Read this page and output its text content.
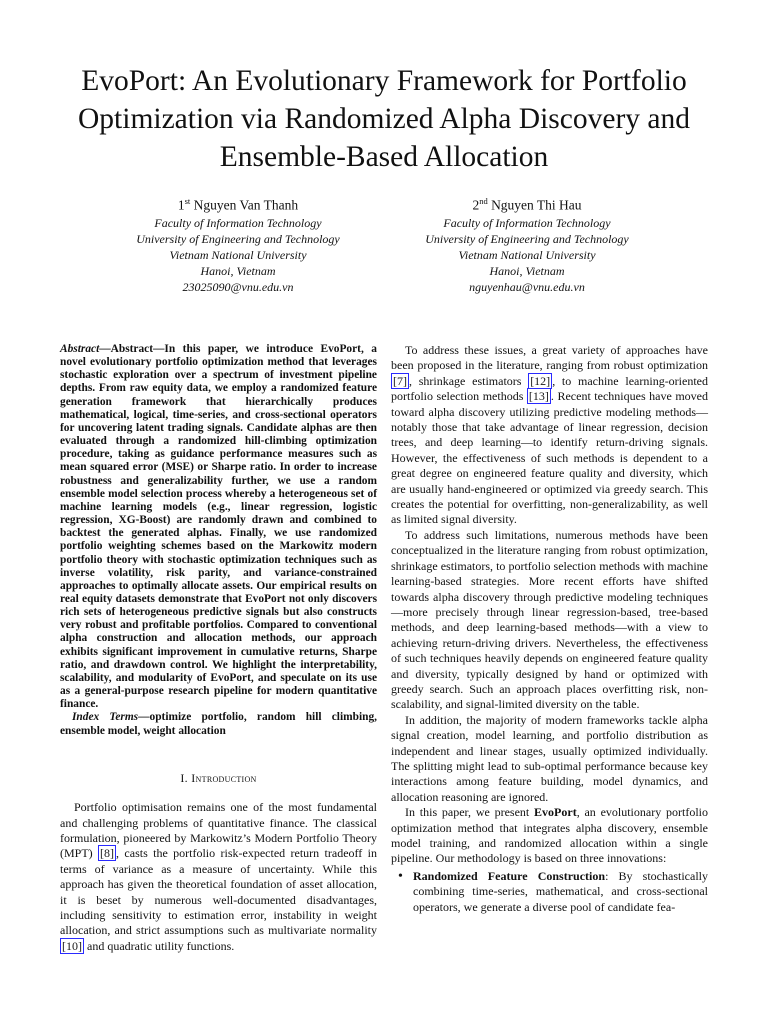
EvoPort: An Evolutionary Framework for Portfolio
Optimization via Randomized Alpha Discovery and
Ensemble-Based Allocation
1st Nguyen Van Thanh
Faculty of Information Technology
University of Engineering and Technology
Vietnam National University
Hanoi, Vietnam
23025090@vnu.edu.vn
2nd Nguyen Thi Hau
Faculty of Information Technology
University of Engineering and Technology
Vietnam National University
Hanoi, Vietnam
nguyenhau@vnu.edu.vn

Abstract—Abstract—In this paper, we introduce EvoPort, a novel evolutionary portfolio optimization method that leverages stochastic exploration over a spectrum of investment pipeline depths. From raw equity data, we employ a randomized feature generation framework that hierarchically produces mathematical, logical, time-series, and cross-sectional operators for uncovering latent trading signals. Candidate alphas are then evaluated through a randomized hill-climbing optimization procedure, taking as guidance performance measures such as mean squared error (MSE) or Sharpe ratio. In order to increase robustness and generalizability further, we use a random ensemble model selection process whereby a heterogeneous set of machine learning models (e.g., linear regression, logistic regression, XG-Boost) are randomly drawn and combined to backtest the generated alphas. Finally, we use randomized portfolio weighting schemes based on the Markowitz modern portfolio theory with stochastic optimization techniques such as inverse volatility, risk parity, and variance-constrained approaches to optimally allocate assets. Our empirical results on real equity datasets demonstrate that EvoPort not only discovers rich sets of heterogeneous predictive signals but also constructs very robust and profitable portfolios. Compared to conventional alpha construction and allocation methods, our approach exhibits significant improvement in cumulative returns, Sharpe ratio, and drawdown control. We highlight the interpretability, scalability, and modularity of EvoPort, and speculate on its use as a general-purpose research pipeline for modern quantitative finance.

Index Terms—optimize portfolio, random hill climbing, ensemble model, weight allocation

I. Introduction

Portfolio optimisation remains one of the most fundamental and challenging problems of quantitative finance. The classical formulation, pioneered by Markowitz’s Modern Portfolio Theory (MPT) [8] , casts the portfolio risk-expected return tradeoff in terms of variance as a measure of uncertainty. While this approach has given the theoretical foundation of asset allocation, it is beset by numerous well-documented disadvantages, including sensitivity to estimation error, instability in weight allocation, and strict assumptions such as multivariate normality [10] and quadratic utility functions.

To address these issues, a great variety of approaches have been proposed in the literature, ranging from robust optimization [7] , shrinkage estimators [12] , to machine learning-oriented portfolio selection methods [13] . Recent techniques have moved toward alpha discovery utilizing predictive modeling methods—notably those that take advantage of linear regression, decision trees, and deep learning—to identify return-driving signals. However, the effectiveness of such methods is dependent to a great degree on engineered feature quality and diversity, which are usually hand-engineered or optimized via greedy search. This creates the potential for overfitting, non-generalizability, as well as limited signal diversity.

To address such limitations, numerous methods have been conceptualized in the literature ranging from robust optimization, shrinkage estimators, to portfolio selection methods with machine learning-based strategies. More recent efforts have shifted towards alpha discovery through predictive modeling techniques—more precisely through linear regression-based, tree-based methods, and deep learning-based methods—with a view to achieving return-driving drivers. Nevertheless, the effectiveness of such techniques heavily depends on engineered feature quality and diversity, typically designed by hand or optimized with greedy search. Such an approach places overfitting risk, non-scalability, and signal-limited diversity on the table.

In addition, the majority of modern frameworks tackle alpha signal creation, model learning, and portfolio distribution as independent and linear stages, usually optimized individually. The splitting might lead to sub-optimal performance because key interactions among feature building, model dynamics, and allocation reasoning are ignored.

In this paper, we present EvoPort, an evolutionary portfolio optimization method that integrates alpha discovery, ensemble model training, and randomized allocation within a single pipeline. Our methodology is based on three innovations:

• Randomized Feature Construction: By stochastically combining time-series, mathematical, and cross-sectional operators, we generate a diverse pool of candidate fea-
